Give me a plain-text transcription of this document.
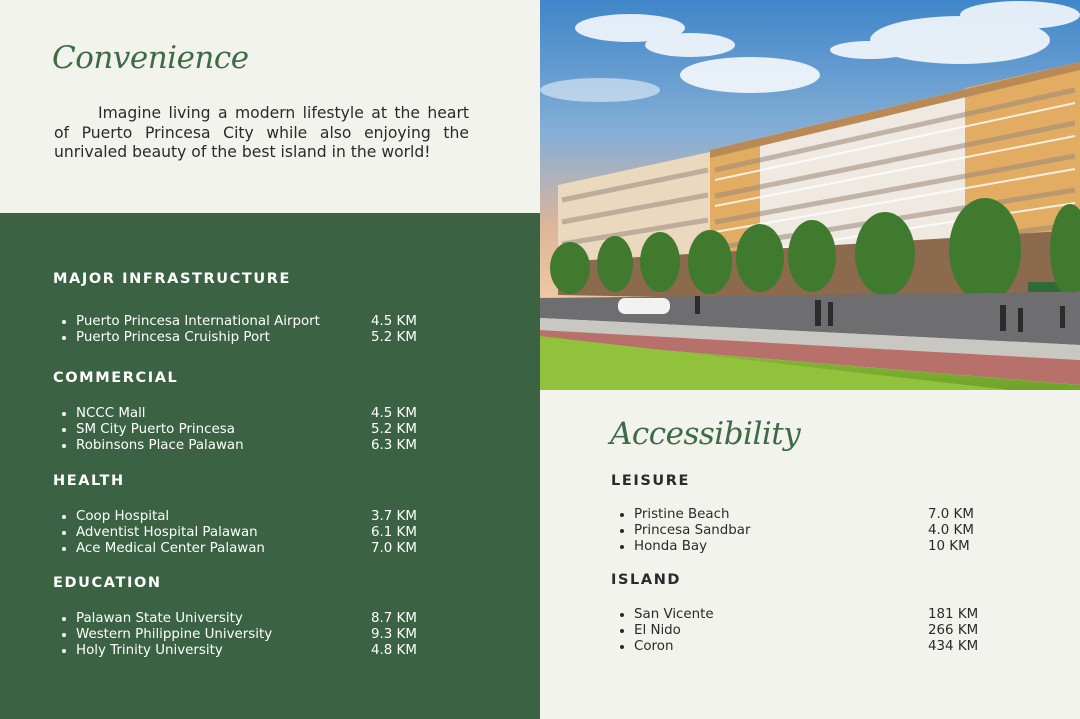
Convenience

Imagine living a modern lifestyle at the heart of Puerto Princesa City while also enjoying the unrivaled beauty of the best island in the world!

MAJOR INFRASTRUCTURE
Puerto Princesa International Airport	4.5 KM
Puerto Princesa Cruiship Port	5.2 KM
COMMERCIAL
NCCC Mall	4.5 KM
SM City Puerto Princesa	5.2 KM
Robinsons Place Palawan	6.3 KM
HEALTH
Coop Hospital	3.7 KM
Adventist Hospital Palawan	6.1 KM
Ace Medical Center Palawan	7.0 KM
EDUCATION
Palawan State University	8.7 KM
Western Philippine University	9.3 KM
Holy Trinity University	4.8 KM
Accessibility
LEISURE
Pristine Beach	7.0 KM
Princesa Sandbar	4.0 KM
Honda Bay	10 KM
ISLAND
San Vicente	181 KM
El Nido	266 KM
Coron	434 KM
